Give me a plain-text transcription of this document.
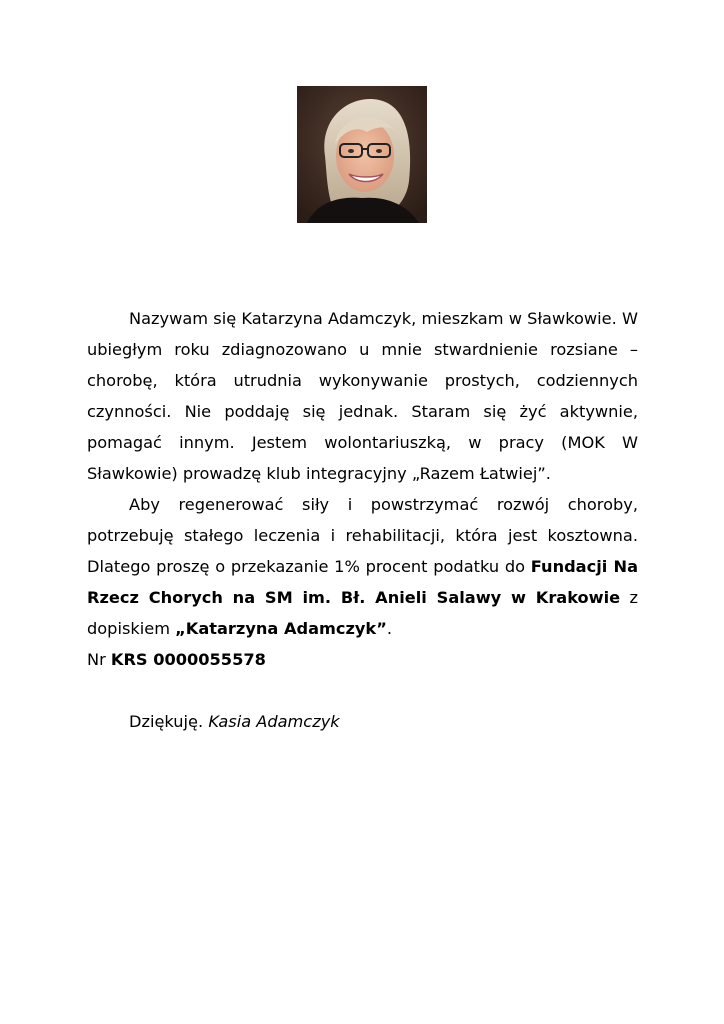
Nazywam się Katarzyna Adamczyk, mieszkam w Sławkowie. W ubiegłym roku zdiagnozowano u mnie stwardnienie rozsiane – chorobę, która utrudnia wykonywanie prostych, codziennych czynności. Nie poddaję się jednak. Staram się żyć aktywnie, pomagać innym. Jestem wolontariuszką, w pracy (MOK W Sławkowie) prowadzę klub integracyjny „Razem Łatwiej”.

Aby regenerować siły i powstrzymać rozwój choroby, potrzebuję stałego leczenia i rehabilitacji, która jest kosztowna. Dlatego proszę o przekazanie 1% procent podatku do Fundacji Na Rzecz Chorych na SM im. Bł. Anieli Salawy w Krakowie z dopiskiem „Katarzyna Adamczyk”.

Nr KRS 0000055578

Dziękuję. Kasia Adamczyk
